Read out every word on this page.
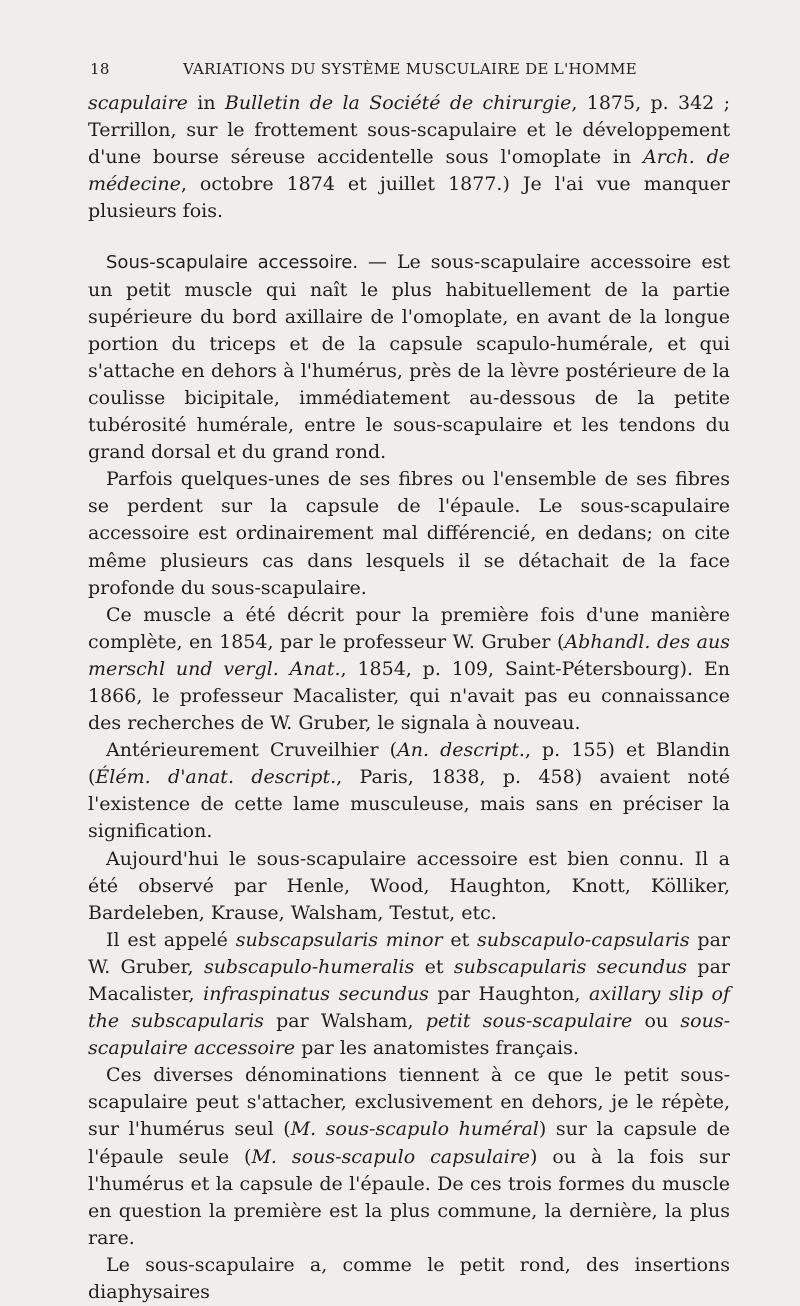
18	VARIATIONS DU SYSTÈME MUSCULAIRE DE L'HOMME

scapulaire in Bulletin de la Société de chirurgie, 1875, p. 342 ; Terrillon, sur le frottement sous-scapulaire et le développement d'une bourse séreuse accidentelle sous l'omoplate in Arch. de médecine, octobre 1874 et juillet 1877.) Je l'ai vue manquer plusieurs fois.

Sous-scapulaire accessoire. — Le sous-scapulaire accessoire est un petit muscle qui naît le plus habituellement de la partie supérieure du bord axillaire de l'omoplate, en avant de la longue portion du triceps et de la capsule scapulo-humérale, et qui s'attache en dehors à l'humérus, près de la lèvre postérieure de la coulisse bicipitale, immédiatement au-dessous de la petite tubérosité humérale, entre le sous-scapulaire et les tendons du grand dorsal et du grand rond.

Parfois quelques-unes de ses fibres ou l'ensemble de ses fibres se perdent sur la capsule de l'épaule. Le sous-scapulaire accessoire est ordinairement mal différencié, en dedans; on cite même plusieurs cas dans lesquels il se détachait de la face profonde du sous-scapulaire.

Ce muscle a été décrit pour la première fois d'une manière complète, en 1854, par le professeur W. Gruber (Abhandl. des aus merschl und vergl. Anat., 1854, p. 109, Saint-Pétersbourg). En 1866, le professeur Macalister, qui n'avait pas eu connaissance des recherches de W. Gruber, le signala à nouveau.

Antérieurement Cruveilhier (An. descript., p. 155) et Blandin (Élém. d'anat. descript., Paris, 1838, p. 458) avaient noté l'existence de cette lame musculeuse, mais sans en préciser la signification.

Aujourd'hui le sous-scapulaire accessoire est bien connu. Il a été observé par Henle, Wood, Haughton, Knott, Kölliker, Bardeleben, Krause, Walsham, Testut, etc.

Il est appelé subscapsularis minor et subscapulo-capsularis par W. Gruber, subscapulo-humeralis et subscapularis secundus par Macalister, infraspinatus secundus par Haughton, axillary slip of the subscapularis par Walsham, petit sous-scapulaire ou sous-scapulaire accessoire par les anatomistes français.

Ces diverses dénominations tiennent à ce que le petit sous-scapulaire peut s'attacher, exclusivement en dehors, je le répète, sur l'humérus seul (M. sous-scapulo huméral) sur la capsule de l'épaule seule (M. sous-scapulo capsulaire) ou à la fois sur l'humérus et la capsule de l'épaule. De ces trois formes du muscle en question la première est la plus commune, la dernière, la plus rare.

Le sous-scapulaire a, comme le petit rond, des insertions diaphysaires
